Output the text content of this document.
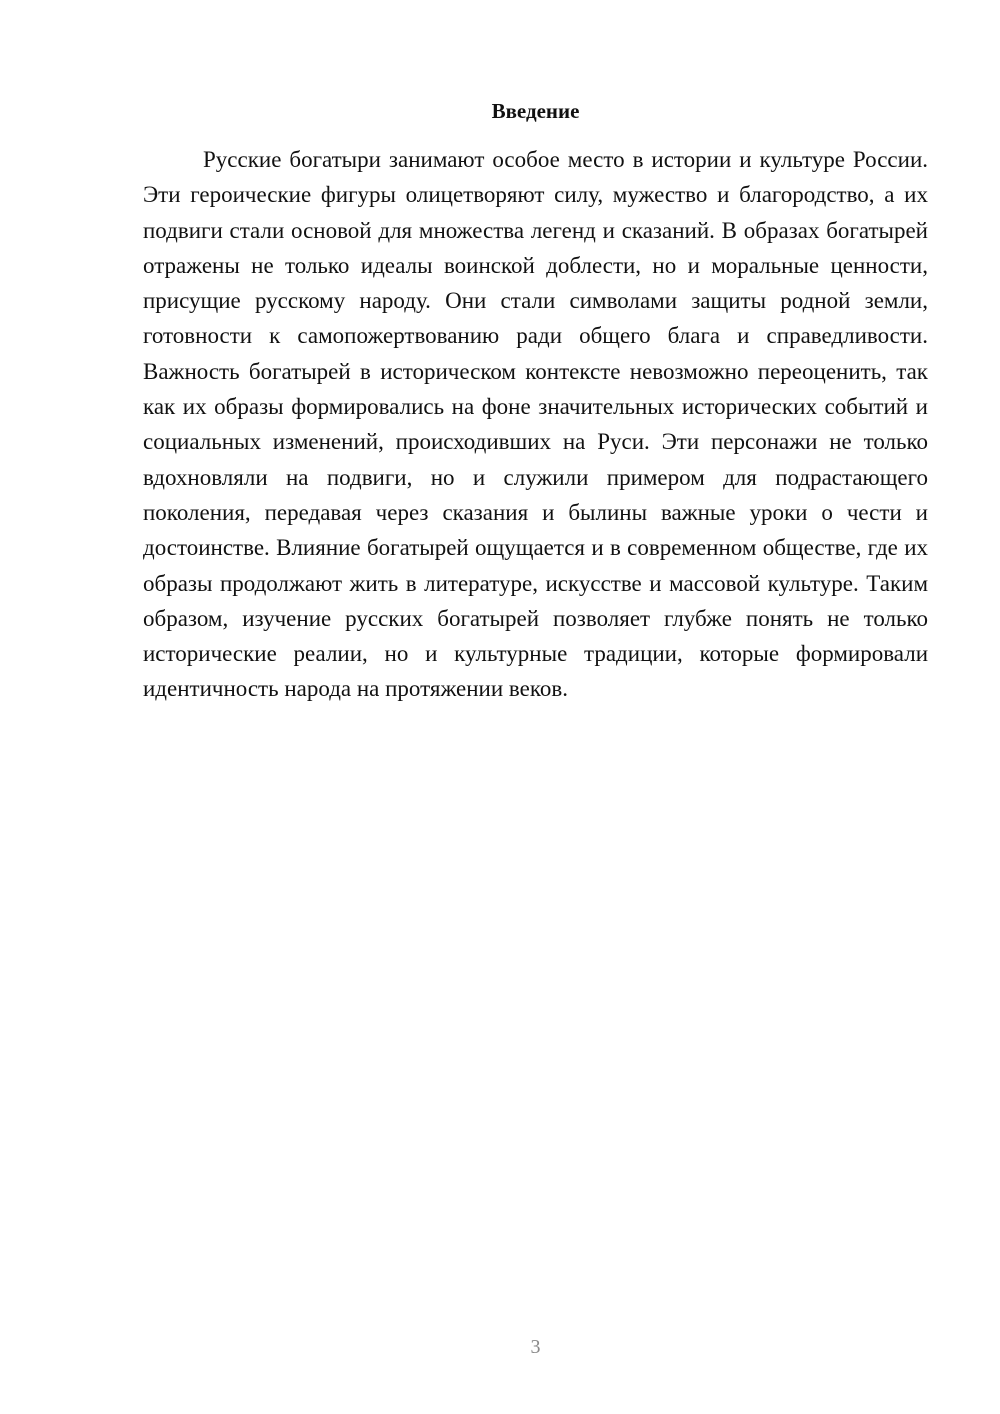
Введение

Русские богатыри занимают особое место в истории и культуре России. Эти героические фигуры олицетворяют силу, мужество и благородство, а их подвиги стали основой для множества легенд и сказаний. В образах богатырей отражены не только идеалы воинской доблести, но и моральные ценности, присущие русскому народу. Они стали символами защиты родной земли, готовности к самопожертвованию ради общего блага и справедливости. Важность богатырей в историческом контексте невозможно переоценить, так как их образы формировались на фоне значительных исторических событий и социальных изменений, происходивших на Руси. Эти персонажи не только вдохновляли на подвиги, но и служили примером для подрастающего поколения, передавая через сказания и былины важные уроки о чести и достоинстве. Влияние богатырей ощущается и в современном обществе, где их образы продолжают жить в литературе, искусстве и массовой культуре. Таким образом, изучение русских богатырей позволяет глубже понять не только исторические реалии, но и культурные традиции, которые формировали идентичность народа на протяжении веков.

3
